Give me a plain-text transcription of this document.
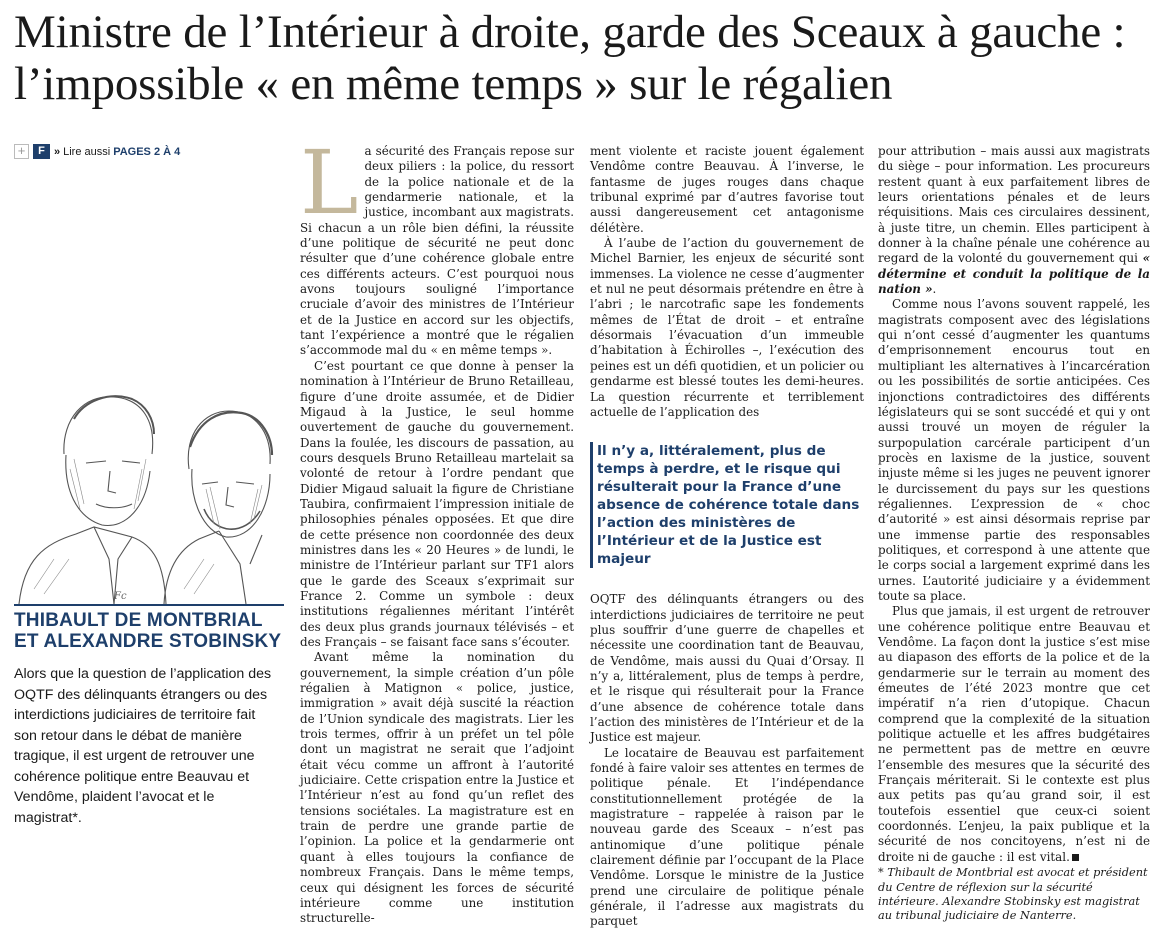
Ministre de l’Intérieur à droite, garde des Sceaux à gauche :
l’impossible « en même temps » sur le régalien
+	F » Lire aussi PAGES 2 À 4
Fc
THIBAULT DE MONTBRIAL
ET ALEXANDRE STOBINSKY
Alors que la question de l’application des OQTF des délinquants étrangers ou des interdictions judiciaires de territoire fait son retour dans le débat de manière tragique, il est urgent de retrouver une cohérence politique entre Beauvau et Vendôme, plaident l’avocat et le magistrat*.

La sécurité des Français repose sur deux piliers : la police, du ressort de la police nationale et de la gendarmerie nationale, et la justice, incombant aux magistrats. Si chacun a un rôle bien défini, la réussite d’une politique de sécurité ne peut donc résulter que d’une cohérence globale entre ces différents acteurs. C’est pourquoi nous avons toujours souligné l’importance cruciale d’avoir des ministres de l’Intérieur et de la Justice en accord sur les objectifs, tant l’expérience a montré que le régalien s’accommode mal du « en même temps ».

C’est pourtant ce que donne à penser la nomination à l’Intérieur de Bruno Retailleau, figure d’une droite assumée, et de Didier Migaud à la Justice, le seul homme ouvertement de gauche du gouvernement. Dans la foulée, les discours de passation, au cours desquels Bruno Retailleau martelait sa volonté de retour à l’ordre pendant que Didier Migaud saluait la figure de Christiane Taubira, confirmaient l’impression initiale de philosophies pénales opposées. Et que dire de cette présence non coordonnée des deux ministres dans les « 20 Heures » de lundi, le ministre de l’Intérieur parlant sur TF1 alors que le garde des Sceaux s’exprimait sur France 2. Comme un symbole : deux institutions régaliennes méritant l’intérêt des deux plus grands journaux télévisés – et des Français – se faisant face sans s’écouter.

Avant même la nomination du gouvernement, la simple création d’un pôle régalien à Matignon « police, justice, immigration » avait déjà suscité la réaction de l’Union syndicale des magistrats. Lier les trois termes, offrir à un préfet un tel pôle dont un magistrat ne serait que l’adjoint était vécu comme un affront à l’autorité judiciaire. Cette crispation entre la Justice et l’Intérieur n’est au fond qu’un reflet des tensions sociétales. La magistrature est en train de perdre une grande partie de l’opinion. La police et la gendarmerie ont quant à elles toujours la confiance de nombreux Français. Dans le même temps, ceux qui désignent les forces de sécurité intérieure comme une institution structurelle-

ment violente et raciste jouent également Vendôme contre Beauvau. À l’inverse, le fantasme de juges rouges dans chaque tribunal exprimé par d’autres favorise tout aussi dangereusement cet antagonisme délétère.

À l’aube de l’action du gouvernement de Michel Barnier, les enjeux de sécurité sont immenses. La violence ne cesse d’augmenter et nul ne peut désormais prétendre en être à l’abri ; le narcotrafic sape les fondements mêmes de l’État de droit – et entraîne désormais l’évacuation d’un immeuble d’habitation à Échirolles –, l’exécution des peines est un défi quotidien, et un policier ou gendarme est blessé toutes les demi-heures. La question récurrente et terriblement actuelle de l’application des

Il n’y a, littéralement, plus de temps à perdre, et le risque qui résulterait pour la France d’une absence de cohérence totale dans l’action des ministères de l’Intérieur et de la Justice est majeur

OQTF des délinquants étrangers ou des interdictions judiciaires de territoire ne peut plus souffrir d’une guerre de chapelles et nécessite une coordination tant de Beauvau, de Vendôme, mais aussi du Quai d’Orsay. Il n’y a, littéralement, plus de temps à perdre, et le risque qui résulterait pour la France d’une absence de cohérence totale dans l’action des ministères de l’Intérieur et de la Justice est majeur.

Le locataire de Beauvau est parfaitement fondé à faire valoir ses attentes en termes de politique pénale. Et l’indépendance constitutionnellement protégée de la magistrature – rappelée à raison par le nouveau garde des Sceaux – n’est pas antinomique d’une politique pénale clairement définie par l’occupant de la Place Vendôme. Lorsque le ministre de la Justice prend une circulaire de politique pénale générale, il l’adresse aux magistrats du parquet

pour attribution – mais aussi aux magistrats du siège – pour information. Les procureurs restent quant à eux parfaitement libres de leurs orientations pénales et de leurs réquisitions. Mais ces circulaires dessinent, à juste titre, un chemin. Elles participent à donner à la chaîne pénale une cohérence au regard de la volonté du gouvernement qui « détermine et conduit la politique de la nation ».

Comme nous l’avons souvent rappelé, les magistrats composent avec des législations qui n’ont cessé d’augmenter les quantums d’emprisonnement encourus tout en multipliant les alternatives à l’incarcération ou les possibilités de sortie anticipées. Ces injonctions contradictoires des différents législateurs qui se sont succédé et qui y ont aussi trouvé un moyen de réguler la surpopulation carcérale participent d’un procès en laxisme de la justice, souvent injuste même si les juges ne peuvent ignorer le durcissement du pays sur les questions régaliennes. L’expression de « choc d’autorité » est ainsi désormais reprise par une immense partie des responsables politiques, et correspond à une attente que le corps social a largement exprimé dans les urnes. L’autorité judiciaire y a évidemment toute sa place.

Plus que jamais, il est urgent de retrouver une cohérence politique entre Beauvau et Vendôme. La façon dont la justice s’est mise au diapason des efforts de la police et de la gendarmerie sur le terrain au moment des émeutes de l’été 2023 montre que cet impératif n’a rien d’utopique. Chacun comprend que la complexité de la situation politique actuelle et les affres budgétaires ne permettent pas de mettre en œuvre l’ensemble des mesures que la sécurité des Français mériterait. Si le contexte est plus aux petits pas qu’au grand soir, il est toutefois essentiel que ceux-ci soient coordonnés. L’enjeu, la paix publique et la sécurité de nos concitoyens, n’est ni de droite ni de gauche : il est vital.

* Thibault de Montbrial est avocat et président du Centre de réflexion sur la sécurité intérieure. Alexandre Stobinsky est magistrat au tribunal judiciaire de Nanterre.
